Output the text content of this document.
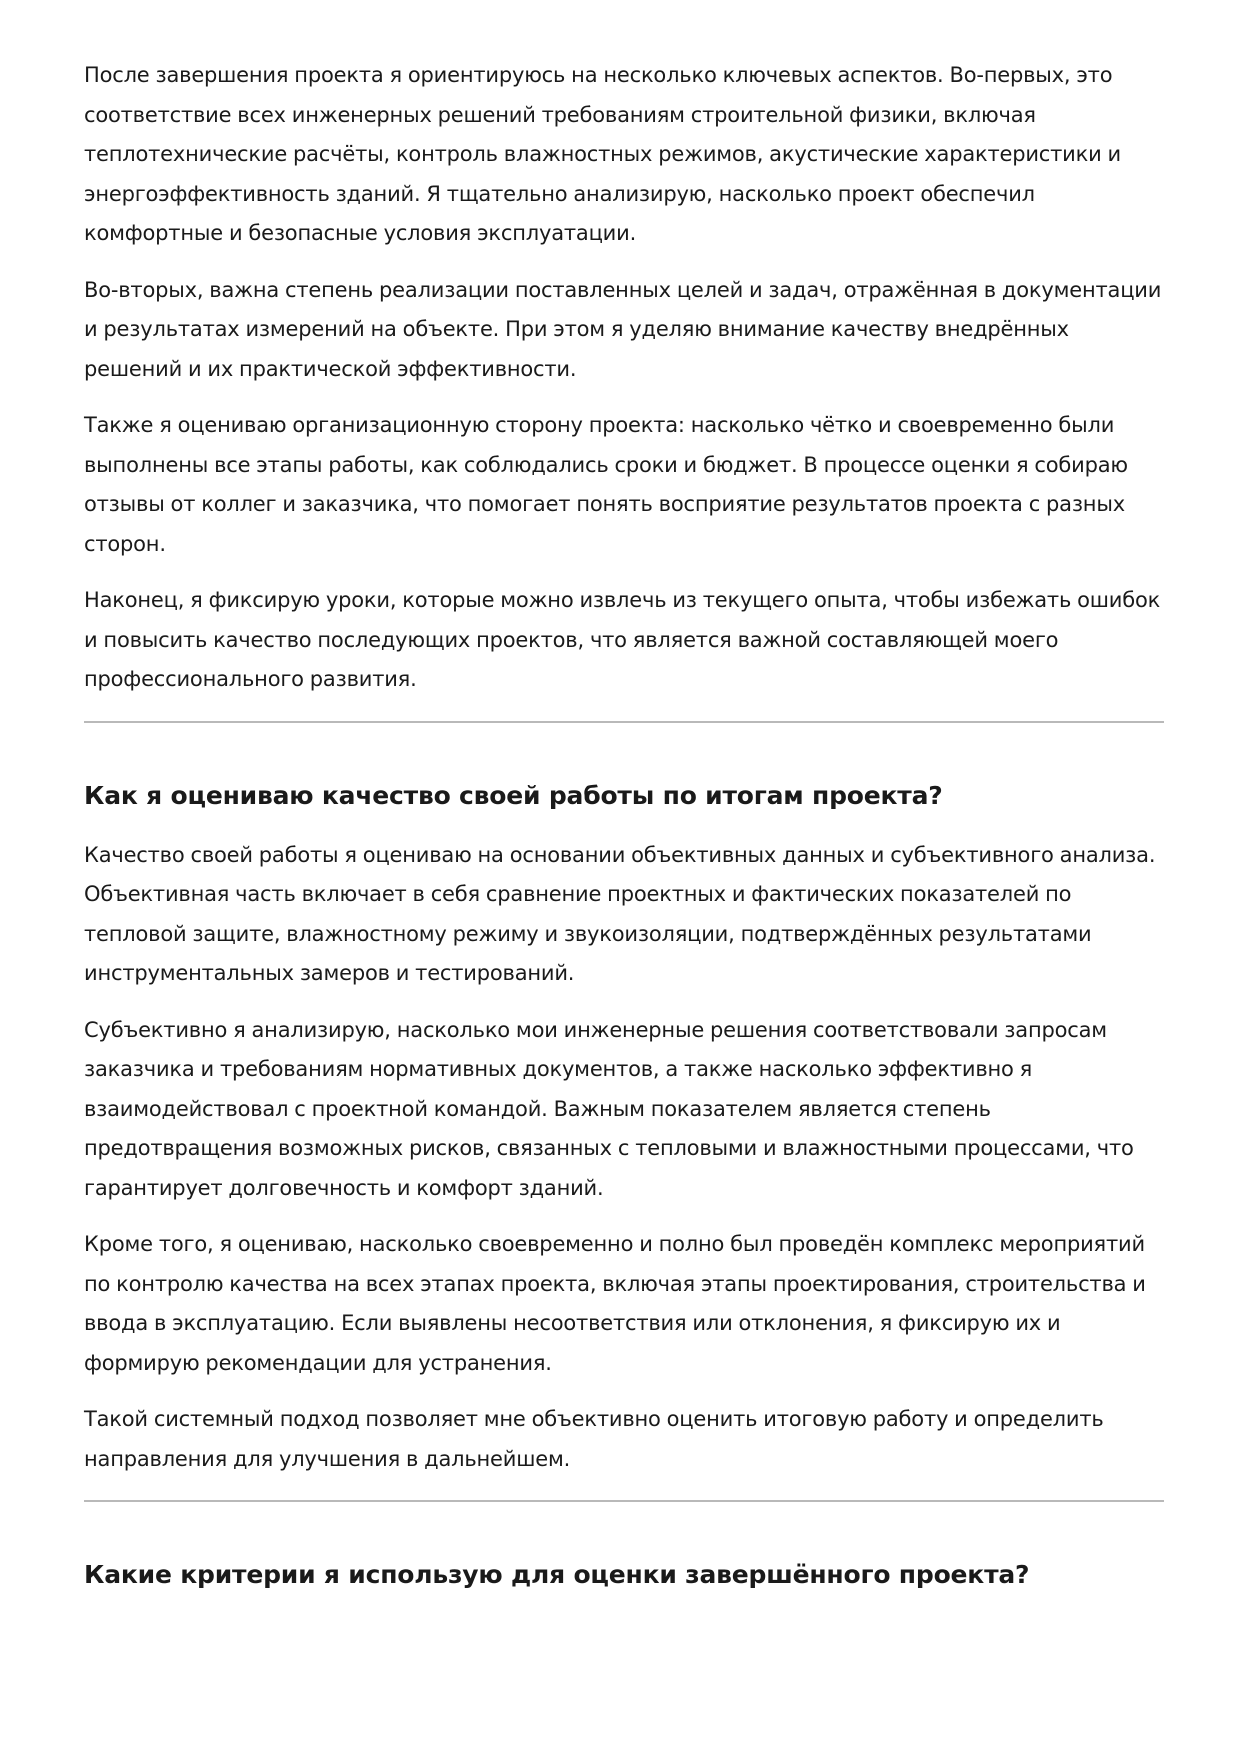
После завершения проекта я ориентируюсь на несколько ключевых аспектов. Во-первых, это соответствие всех инженерных решений требованиям строительной физики, включая теплотехнические расчёты, контроль влажностных режимов, акустические характеристики и энергоэффективность зданий. Я тщательно анализирую, насколько проект обеспечил комфортные и безопасные условия эксплуатации.

Во-вторых, важна степень реализации поставленных целей и задач, отражённая в документации и результатах измерений на объекте. При этом я уделяю внимание качеству внедрённых решений и их практической эффективности.

Также я оцениваю организационную сторону проекта: насколько чётко и своевременно были выполнены все этапы работы, как соблюдались сроки и бюджет. В процессе оценки я собираю отзывы от коллег и заказчика, что помогает понять восприятие результатов проекта с разных сторон.

Наконец, я фиксирую уроки, которые можно извлечь из текущего опыта, чтобы избежать ошибок и повысить качество последующих проектов, что является важной составляющей моего профессионального развития.

Как я оцениваю качество своей работы по итогам проекта?

Качество своей работы я оцениваю на основании объективных данных и субъективного анализа. Объективная часть включает в себя сравнение проектных и фактических показателей по тепловой защите, влажностному режиму и звукоизоляции, подтверждённых результатами инструментальных замеров и тестирований.

Субъективно я анализирую, насколько мои инженерные решения соответствовали запросам заказчика и требованиям нормативных документов, а также насколько эффективно я взаимодействовал с проектной командой. Важным показателем является степень предотвращения возможных рисков, связанных с тепловыми и влажностными процессами, что гарантирует долговечность и комфорт зданий.

Кроме того, я оцениваю, насколько своевременно и полно был проведён комплекс мероприятий по контролю качества на всех этапах проекта, включая этапы проектирования, строительства и ввода в эксплуатацию. Если выявлены несоответствия или отклонения, я фиксирую их и формирую рекомендации для устранения.

Такой системный подход позволяет мне объективно оценить итоговую работу и определить направления для улучшения в дальнейшем.

Какие критерии я использую для оценки завершённого проекта?
